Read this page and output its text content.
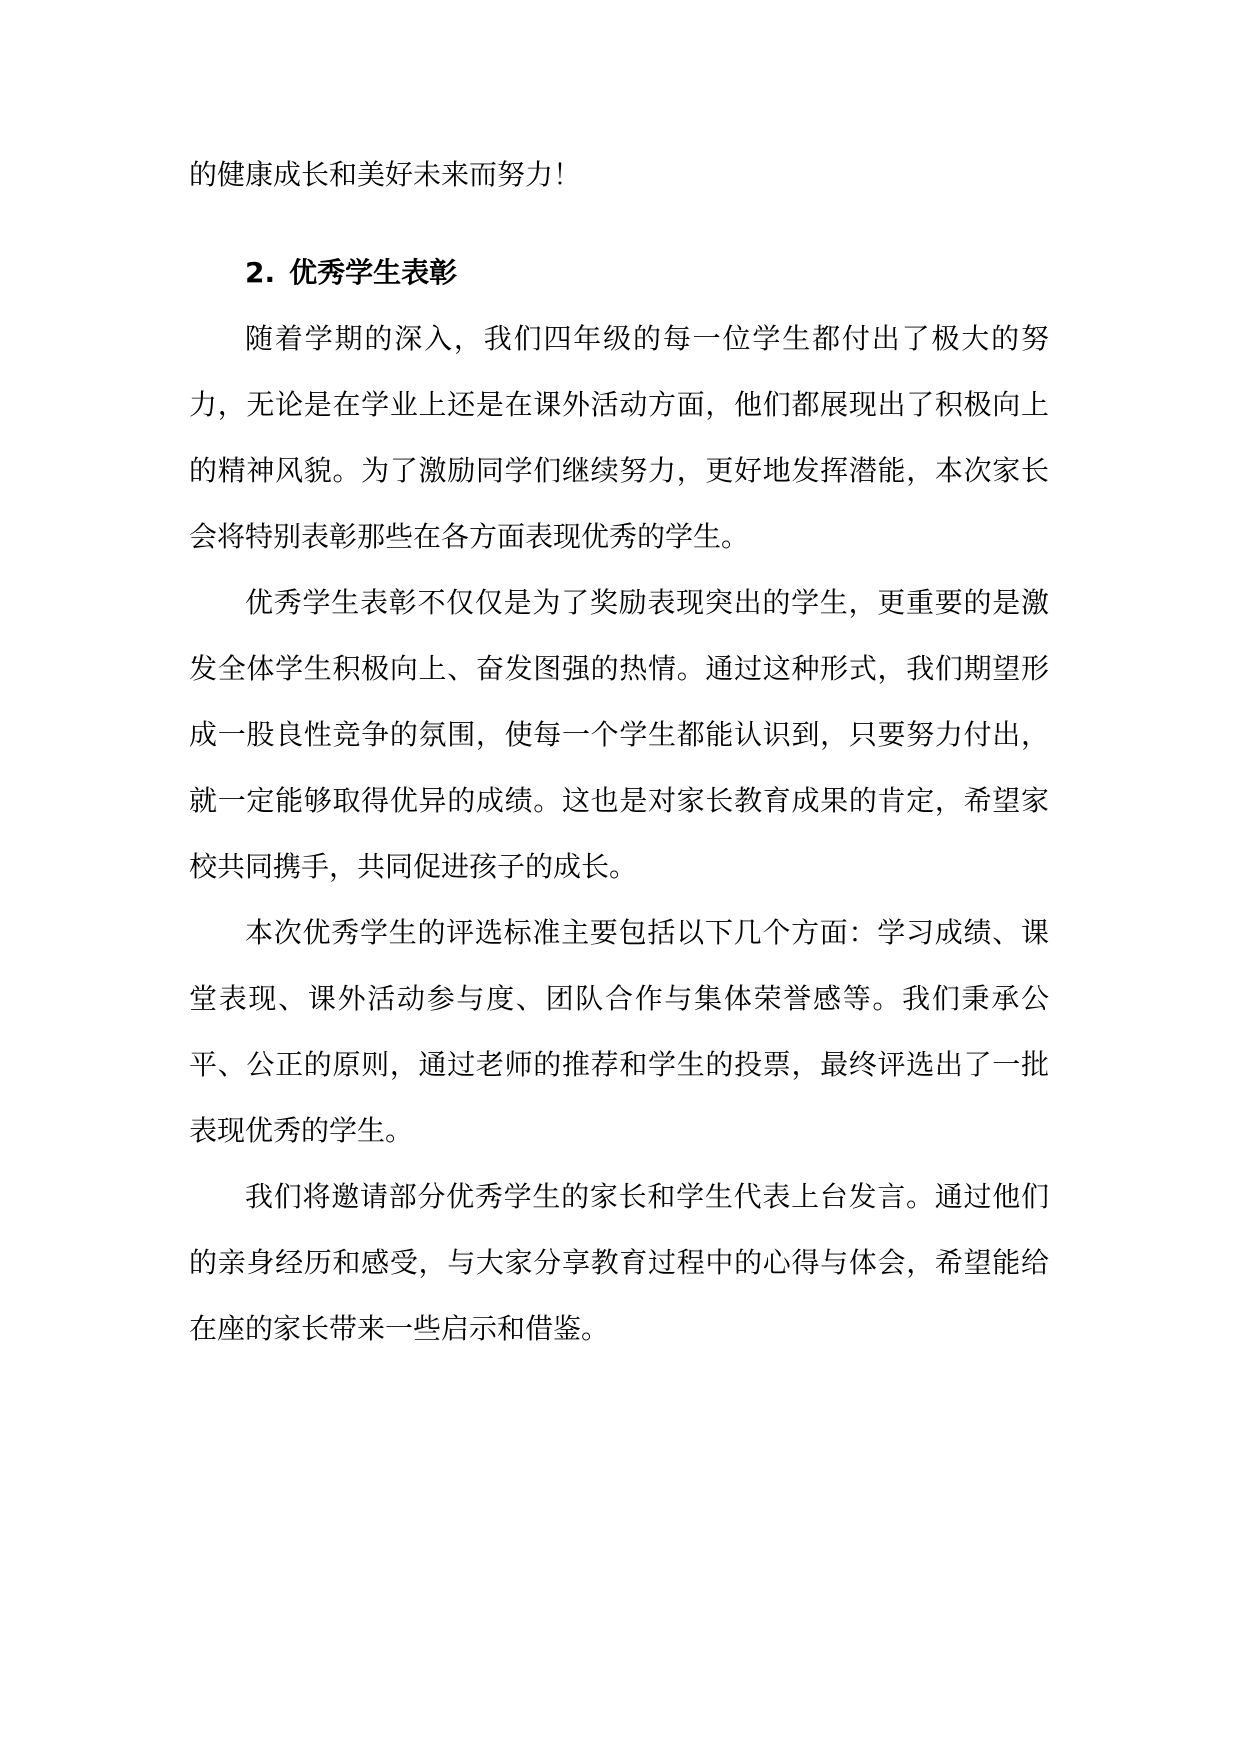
的健康成长和美好未来而努力！

2. 优秀学生表彰

随着学期的深入，我们四年级的每一位学生都付出了极大的努力，无论是在学业上还是在课外活动方面，他们都展现出了积极向上的精神风貌。为了激励同学们继续努力，更好地发挥潜能，本次家长会将特别表彰那些在各方面表现优秀的学生。

优秀学生表彰不仅仅是为了奖励表现突出的学生，更重要的是激发全体学生积极向上、奋发图强的热情。通过这种形式，我们期望形成一股良性竞争的氛围，使每一个学生都能认识到，只要努力付出，就一定能够取得优异的成绩。这也是对家长教育成果的肯定，希望家校共同携手，共同促进孩子的成长。

本次优秀学生的评选标准主要包括以下几个方面：学习成绩、课堂表现、课外活动参与度、团队合作与集体荣誉感等。我们秉承公平、公正的原则，通过老师的推荐和学生的投票，最终评选出了一批表现优秀的学生。

我们将邀请部分优秀学生的家长和学生代表上台发言。通过他们的亲身经历和感受，与大家分享教育过程中的心得与体会，希望能给在座的家长带来一些启示和借鉴。
